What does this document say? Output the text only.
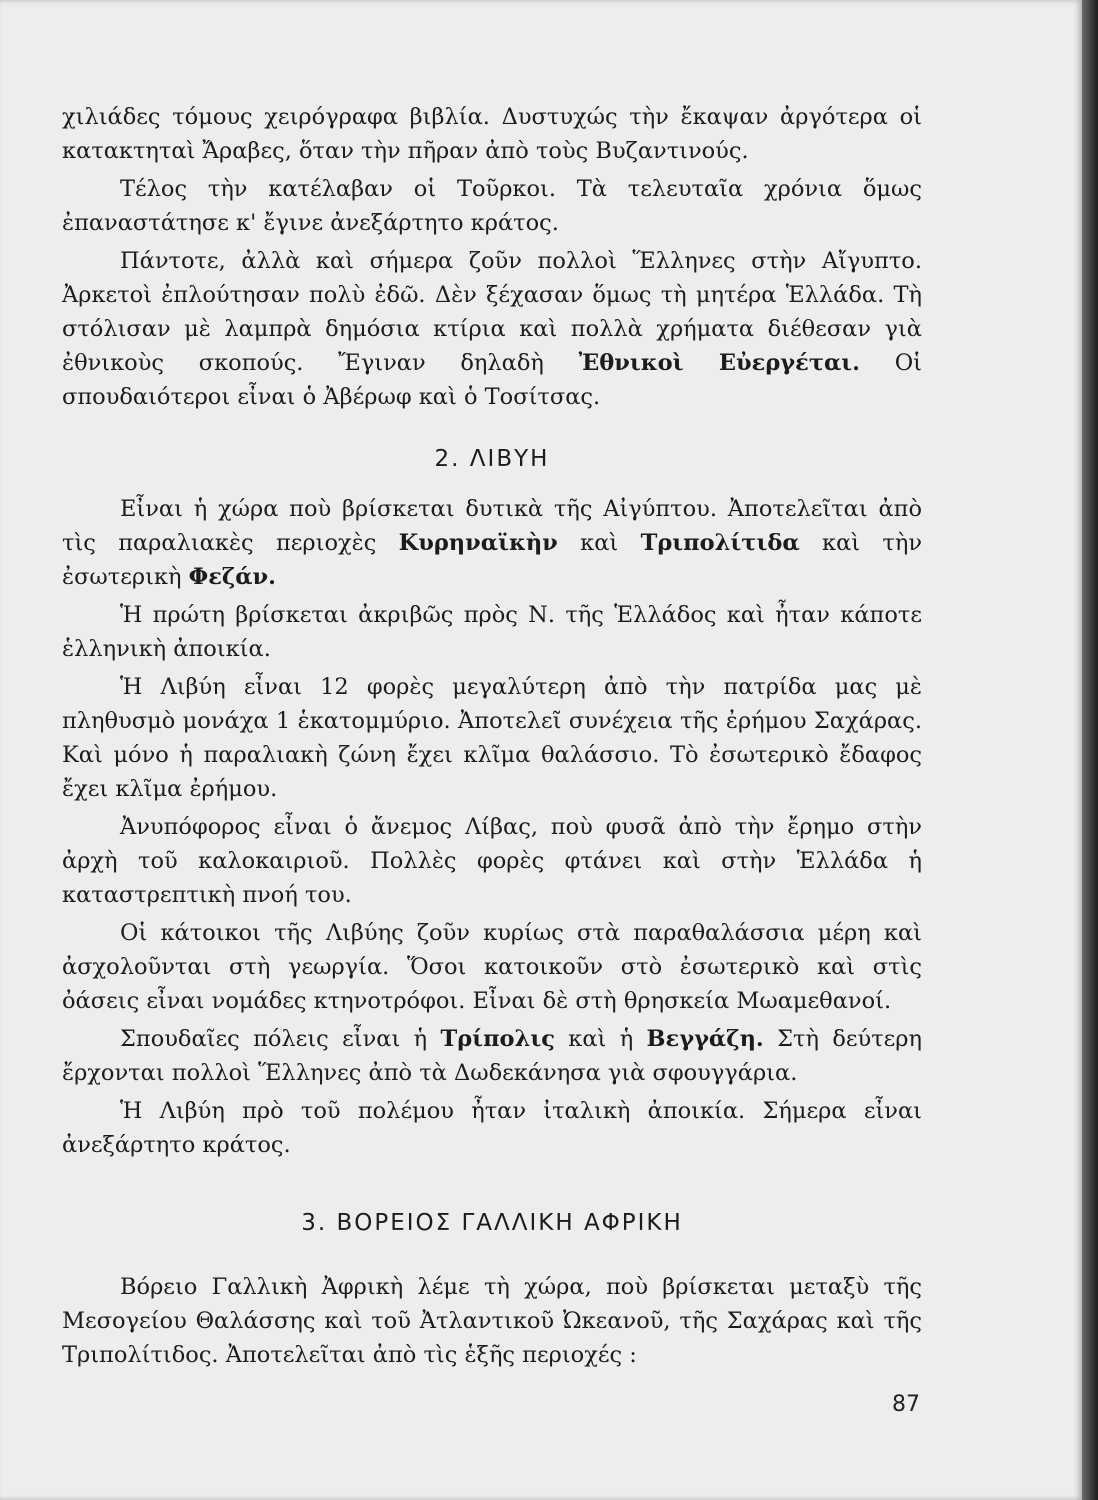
χιλιάδες τόμους χειρόγραφα βιβλία. Δυστυχώς τὴν ἔκαψαν ἀργότερα οἱ κατακτηταὶ Ἄραβες, ὅταν τὴν πῆραν ἀπὸ τοὺς Βυζαντινούς.

Τέλος τὴν κατέλαβαν οἱ Τοῦρκοι. Τὰ τελευταῖα χρόνια ὅμως ἐπαναστάτησε κ' ἔγινε ἀνεξάρτητο κράτος.

Πάντοτε, ἀλλὰ καὶ σήμερα ζοῦν πολλοὶ Ἕλληνες στὴν Αἴγυπτο. Ἀρκετοὶ ἐπλούτησαν πολὺ ἐδῶ. Δὲν ξέχασαν ὅμως τὴ μητέρα Ἑλλάδα. Τὴ στόλισαν μὲ λαμπρὰ δημόσια κτίρια καὶ πολλὰ χρήματα διέθεσαν γιὰ ἐθνικοὺς σκοπούς. Ἔγιναν δηλαδὴ Ἐθνικοὶ Εὐεργέται. Οἱ σπουδαιότεροι εἶναι ὁ Ἀβέρωφ καὶ ὁ Τοσίτσας.

2. ΛΙΒΥΗ

Εἶναι ἡ χώρα ποὺ βρίσκεται δυτικὰ τῆς Αἰγύπτου. Ἀποτελεῖται ἀπὸ τὶς παραλιακὲς περιοχὲς Κυρηναϊκὴν καὶ Τριπολίτιδα καὶ τὴν ἐσωτερικὴ Φεζάν.

Ἡ πρώτη βρίσκεται ἀκριβῶς πρὸς Ν. τῆς Ἑλλάδος καὶ ἦταν κάποτε ἑλληνικὴ ἀποικία.

Ἡ Λιβύη εἶναι 12 φορὲς μεγαλύτερη ἀπὸ τὴν πατρίδα μας μὲ πληθυσμὸ μονάχα 1 ἑκατομμύριο. Ἀποτελεῖ συνέχεια τῆς ἐρήμου Σαχάρας. Καὶ μόνο ἡ παραλιακὴ ζώνη ἔχει κλῖμα θαλάσσιο. Τὸ ἐσωτερικὸ ἔδαφος ἔχει κλῖμα ἐρήμου.

Ἀνυπόφορος εἶναι ὁ ἄνεμος Λίβας, ποὺ φυσᾶ ἀπὸ τὴν ἔρημο στὴν ἀρχὴ τοῦ καλοκαιριοῦ. Πολλὲς φορὲς φτάνει καὶ στὴν Ἑλλάδα ἡ καταστρεπτικὴ πνοή του.

Οἱ κάτοικοι τῆς Λιβύης ζοῦν κυρίως στὰ παραθαλάσσια μέρη καὶ ἀσχολοῦνται στὴ γεωργία. Ὅσοι κατοικοῦν στὸ ἐσωτερικὸ καὶ στὶς ὀάσεις εἶναι νομάδες κτηνοτρόφοι. Εἶναι δὲ στὴ θρησκεία Μωαμεθανοί.

Σπουδαῖες πόλεις εἶναι ἡ Τρίπολις καὶ ἡ Βεγγάζη. Στὴ δεύτερη ἔρχονται πολλοὶ Ἕλληνες ἀπὸ τὰ Δωδεκάνησα γιὰ σφουγγάρια.

Ἡ Λιβύη πρὸ τοῦ πολέμου ἦταν ἰταλικὴ ἀποικία. Σήμερα εἶναι ἀνεξάρτητο κράτος.

3. ΒΟΡΕΙΟΣ ΓΑΛΛΙΚΗ ΑΦΡΙΚΗ

Βόρειο Γαλλικὴ Ἀφρικὴ λέμε τὴ χώρα, ποὺ βρίσκεται μεταξὺ τῆς Μεσογείου Θαλάσσης καὶ τοῦ Ἀτλαντικοῦ Ὠκεανοῦ, τῆς Σαχάρας καὶ τῆς Τριπολίτιδος. Ἀποτελεῖται ἀπὸ τὶς ἑξῆς περιοχές :

87
